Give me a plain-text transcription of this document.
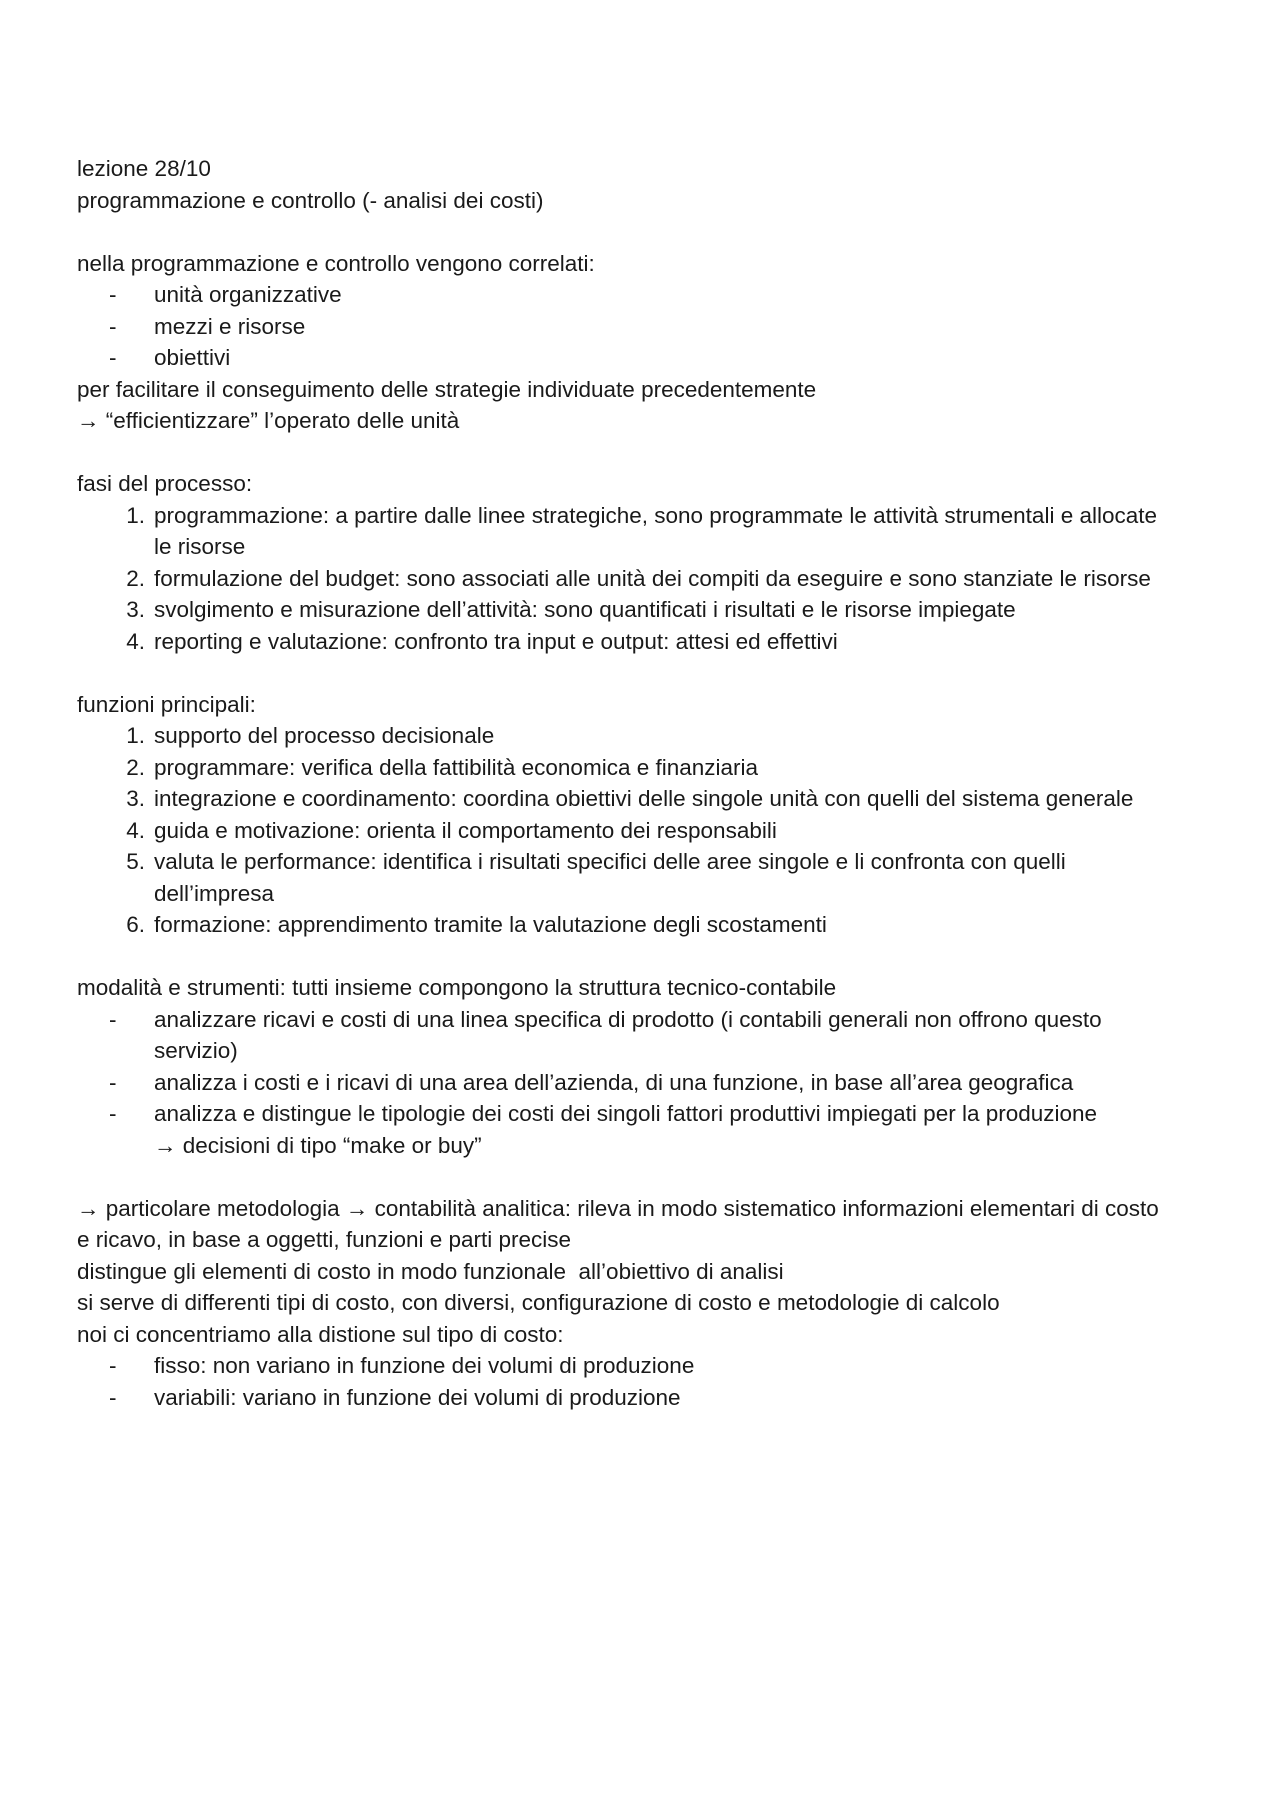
lezione 28/10

programmazione e controllo (- analisi dei costi)

nella programmazione e controllo vengono correlati:

-	unità organizzative
-	mezzi e risorse
-	obiettivi

per facilitare il conseguimento delle strategie individuate precedentemente

→ “efficientizzare” l’operato delle unità

fasi del processo:

1. programmazione: a partire dalle linee strategiche, sono programmate le attività strumentali e allocate le risorse
2. formulazione del budget: sono associati alle unità dei compiti da eseguire e sono stanziate le risorse
3. svolgimento e misurazione dell’attività: sono quantificati i risultati e le risorse impiegate
4. reporting e valutazione: confronto tra input e output: attesi ed effettivi

funzioni principali:

1. supporto del processo decisionale
2. programmare: verifica della fattibilità economica e finanziaria
3. integrazione e coordinamento: coordina obiettivi delle singole unità con quelli del sistema generale
4. guida e motivazione: orienta il comportamento dei responsabili
5. valuta le performance: identifica i risultati specifici delle aree singole e li confronta con quelli dell’impresa
6. formazione: apprendimento tramite la valutazione degli scostamenti

modalità e strumenti: tutti insieme compongono la struttura tecnico-contabile

-	analizzare ricavi e costi di una linea specifica di prodotto (i contabili generali non offrono questo servizio)
-	analizza i costi e i ricavi di una area dell’azienda, di una funzione, in base all’area geografica
-	analizza e distingue le tipologie dei costi dei singoli fattori produttivi impiegati per la produzione

→ decisioni di tipo “make or buy”

→ particolare metodologia → contabilità analitica: rileva in modo sistematico informazioni elementari di costo e ricavo, in base a oggetti, funzioni e parti precise

distingue gli elementi di costo in modo funzionale  all’obiettivo di analisi

si serve di differenti tipi di costo, con diversi, configurazione di costo e metodologie di calcolo

noi ci concentriamo alla distione sul tipo di costo:

-	fisso: non variano in funzione dei volumi di produzione
-	variabili: variano in funzione dei volumi di produzione
